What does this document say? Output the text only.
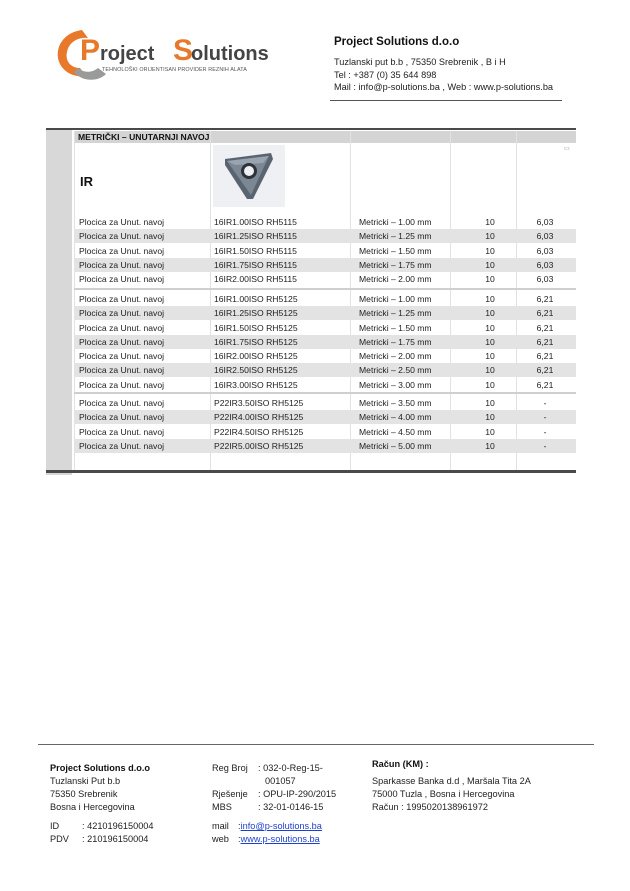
P roject S
olutions
TEHNOLOŠKI ORIJENTISAN PROVIDER REZNIH ALATA
Project Solutions d.o.o
Tuzlanski put b.b , 75350 Srebrenik , B i H
Tel : +387 (0) 35 644 898
Mail : info@p-solutions.ba , Web : www.p-solutions.ba
METRIČKI – UNUTARNJI NAVOJ
IR
▭
Plocica za Unut. navoj	16IR1.00ISO RH5115	Metricki – 1.00 mm	10	6,03
Plocica za Unut. navoj	16IR1.25ISO RH5115	Metricki – 1.25 mm	10	6,03
Plocica za Unut. navoj	16IR1.50ISO RH5115	Metricki – 1.50 mm	10	6,03
Plocica za Unut. navoj	16IR1.75ISO RH5115	Metricki – 1.75 mm	10	6,03
Plocica za Unut. navoj	16IR2.00ISO RH5115	Metricki – 2.00 mm	10	6,03
Plocica za Unut. navoj	16IR1.00ISO RH5125	Metricki – 1.00 mm	10	6,21
Plocica za Unut. navoj	16IR1.25ISO RH5125	Metricki – 1.25 mm	10	6,21
Plocica za Unut. navoj	16IR1.50ISO RH5125	Metricki – 1.50 mm	10	6,21
Plocica za Unut. navoj	16IR1.75ISO RH5125	Metricki – 1.75 mm	10	6,21
Plocica za Unut. navoj	16IR2.00ISO RH5125	Metricki – 2.00 mm	10	6,21
Plocica za Unut. navoj	16IR2.50ISO RH5125	Metricki – 2.50 mm	10	6,21
Plocica za Unut. navoj	16IR3.00ISO RH5125	Metricki – 3.00 mm	10	6,21
Plocica za Unut. navoj	P22IR3.50ISO RH5125	Metricki – 3.50 mm	10	-
Plocica za Unut. navoj	P22IR4.00ISO RH5125	Metricki – 4.00 mm	10	-
Plocica za Unut. navoj	P22IR4.50ISO RH5125	Metricki – 4.50 mm	10	-
Plocica za Unut. navoj	P22IR5.00ISO RH5125	Metricki – 5.00 mm	10	-
Project Solutions d.o.o
Tuzlanski Put b.b
75350 Srebrenik
Bosna i Hercegovina
ID	: 4210196150004
PDV	: 210196150004
Reg Broj	: 032-0-Reg-15-
001057
Rješenje	: OPU-IP-290/2015
MBS	: 32-01-0146-15
mail : info@p-solutions.ba
web : www.p-solutions.ba
Račun (KM) :
Sparkasse Banka d.d , Maršala Tita 2A
75000 Tuzla , Bosna i Hercegovina
Račun : 1995020138961972
